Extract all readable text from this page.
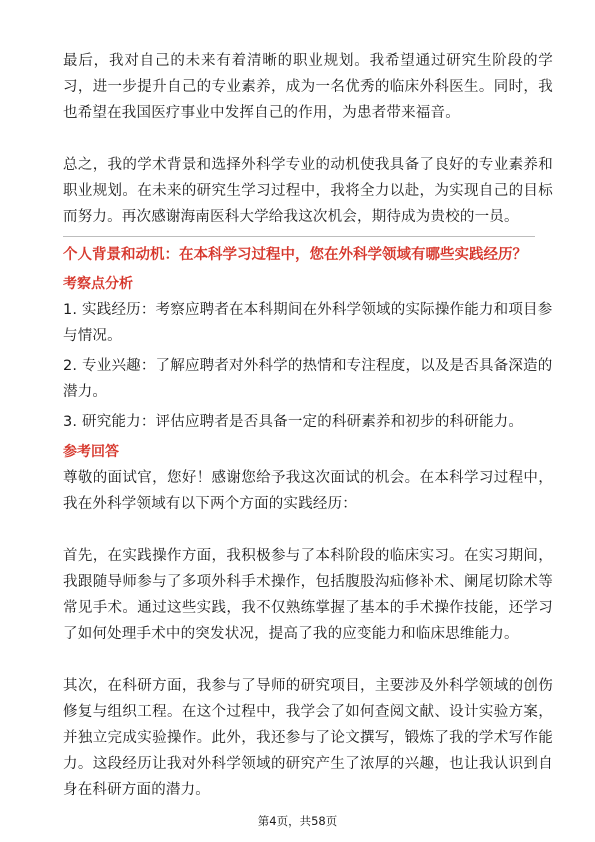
最后，我对自己的未来有着清晰的职业规划。我希望通过研究生阶段的学习，进一步提升自己的专业素养，成为一名优秀的临床外科医生。同时，我也希望在我国医疗事业中发挥自己的作用，为患者带来福音。

总之，我的学术背景和选择外科学专业的动机使我具备了良好的专业素养和职业规划。在未来的研究生学习过程中，我将全力以赴，为实现自己的目标而努力。再次感谢海南医科大学给我这次机会，期待成为贵校的一员。

个人背景和动机：在本科学习过程中，您在外科学领域有哪些实践经历？
考察点分析

1. 实践经历：考察应聘者在本科期间在外科学领域的实际操作能力和项目参与情况。

2. 专业兴趣：了解应聘者对外科学的热情和专注程度，以及是否具备深造的潜力。

3. 研究能力：评估应聘者是否具备一定的科研素养和初步的科研能力。

参考回答

尊敬的面试官，您好！感谢您给予我这次面试的机会。在本科学习过程中，我在外科学领域有以下两个方面的实践经历：

首先，在实践操作方面，我积极参与了本科阶段的临床实习。在实习期间，我跟随导师参与了多项外科手术操作，包括腹股沟疝修补术、阑尾切除术等常见手术。通过这些实践，我不仅熟练掌握了基本的手术操作技能，还学习了如何处理手术中的突发状况，提高了我的应变能力和临床思维能力。

其次，在科研方面，我参与了导师的研究项目，主要涉及外科学领域的创伤修复与组织工程。在这个过程中，我学会了如何查阅文献、设计实验方案，并独立完成实验操作。此外，我还参与了论文撰写，锻炼了我的学术写作能力。这段经历让我对外科学领域的研究产生了浓厚的兴趣，也让我认识到自身在科研方面的潜力。

第4页，共58页
